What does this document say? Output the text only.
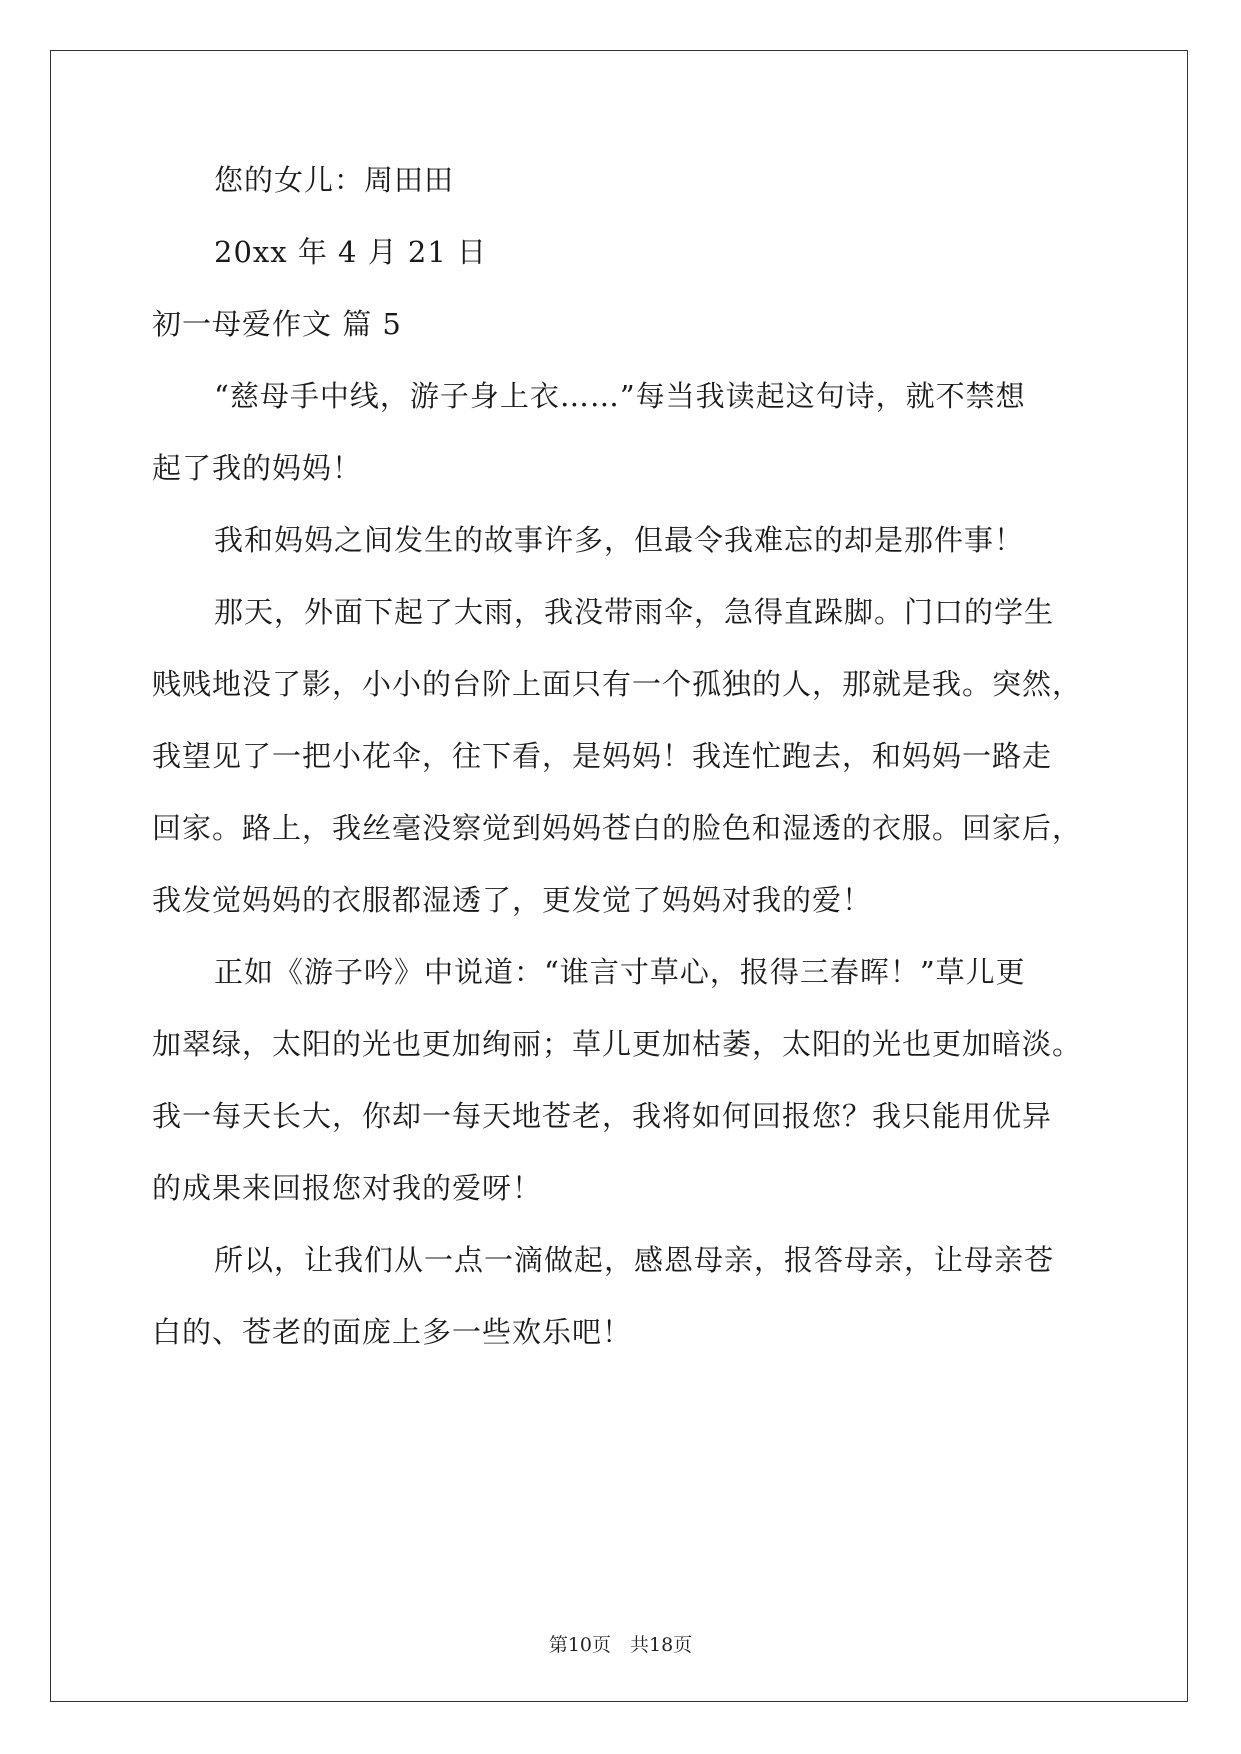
您的女儿：周田田

20xx 年 4 月 21 日

初一母爱作文 篇 5

“慈母手中线，游子身上衣……”每当我读起这句诗，就不禁想

起了我的妈妈！

我和妈妈之间发生的故事许多，但最令我难忘的却是那件事！

那天，外面下起了大雨，我没带雨伞，急得直跺脚。门口的学生

贱贱地没了影，小小的台阶上面只有一个孤独的人，那就是我。突然，

我望见了一把小花伞，往下看，是妈妈！我连忙跑去，和妈妈一路走

回家。路上，我丝毫没察觉到妈妈苍白的脸色和湿透的衣服。回家后，

我发觉妈妈的衣服都湿透了，更发觉了妈妈对我的爱！

正如《游子吟》中说道：“谁言寸草心，报得三春晖！”草儿更

加翠绿，太阳的光也更加绚丽；草儿更加枯萎，太阳的光也更加暗淡。

我一每天长大，你却一每天地苍老，我将如何回报您？我只能用优异

的成果来回报您对我的爱呀！

所以，让我们从一点一滴做起，感恩母亲，报答母亲，让母亲苍

白的、苍老的面庞上多一些欢乐吧！

第10页　共18页
